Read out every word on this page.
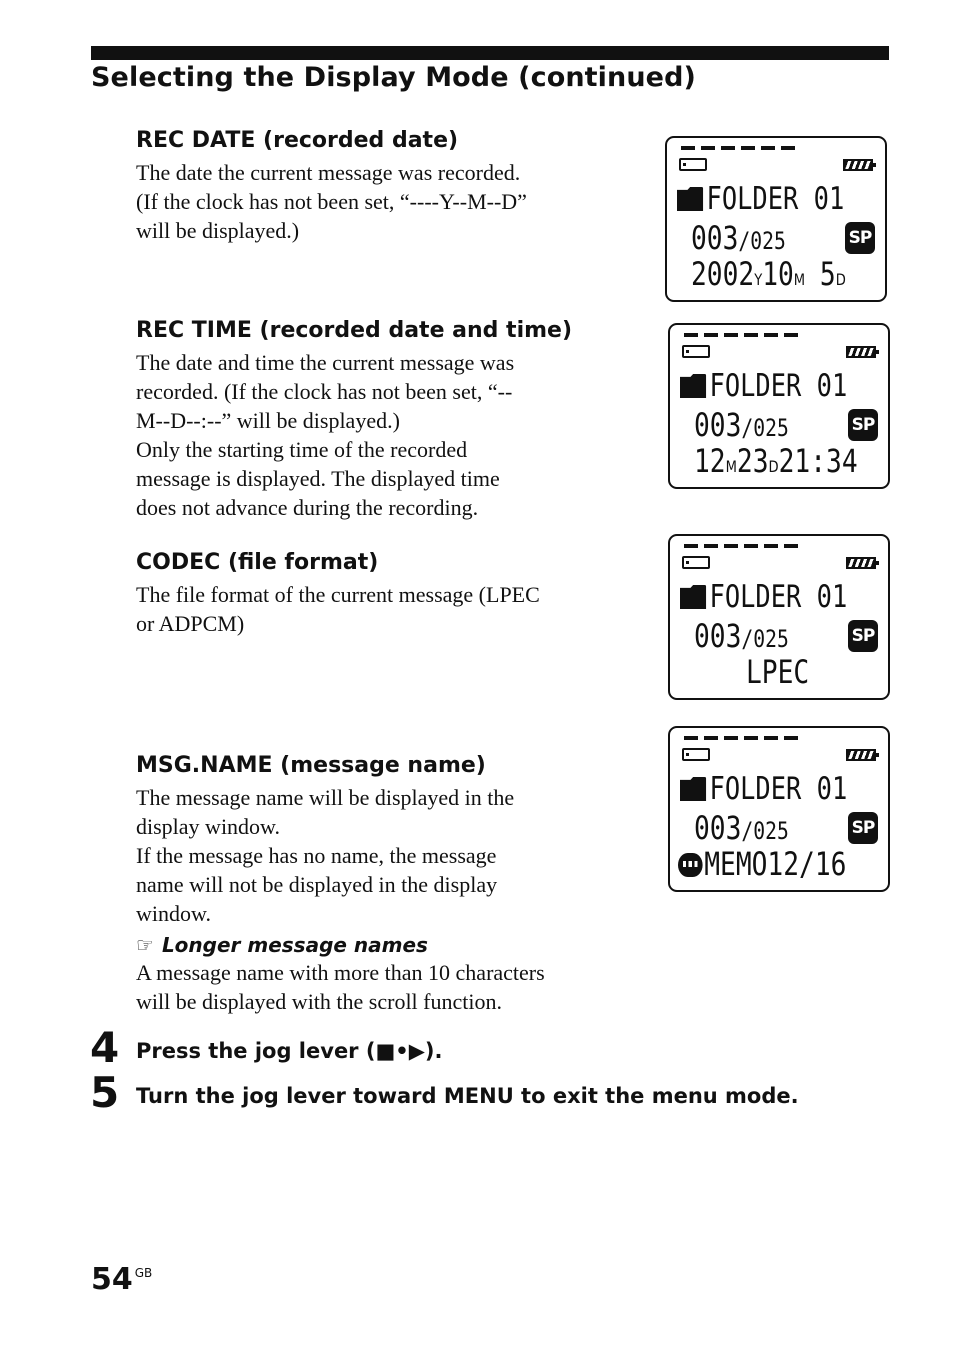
Selecting the Display Mode (continued)
REC DATE (recorded date)

The date the current message was recorded.

(If the clock has not been set, “----Y--M--D”

will be displayed.)

REC TIME (recorded date and time)

The date and time the current message was

recorded. (If the clock has not been set, “--

M--D--:--” will be displayed.)

Only the starting time of the recorded

message is displayed. The displayed time

does not advance during the recording.

CODEC (file format)

The file format of the current message (LPEC

or ADPCM)

MSG.NAME (message name)

The message name will be displayed in the

display window.

If the message has no name, the message

name will not be displayed in the display

window.

☞ Longer message names

A message name with more than 10 characters

will be displayed with the scroll function.

4 Press the jog lever (■•▶).
5 Turn the jog lever toward MENU to exit the menu mode.
54 $^{GB}$
FOLDER 01
003/025	SP
2002Y10M 5D
FOLDER 01
003/025	SP
12M23D21:34
FOLDER 01
003/025	SP
LPEC
FOLDER 01
003/025	SP
MEMO12/16
